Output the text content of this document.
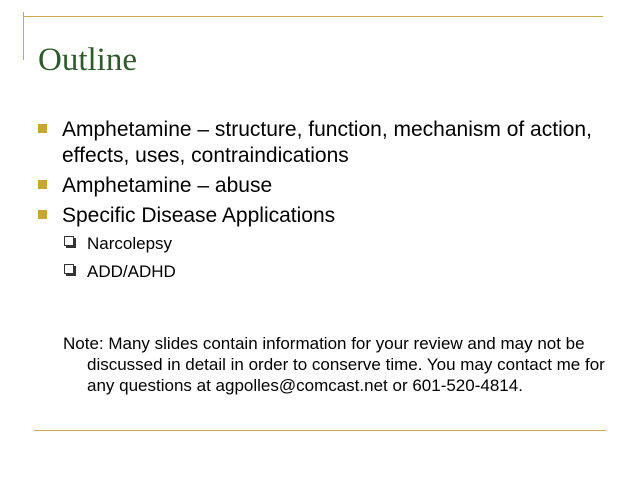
Outline
Amphetamine – structure, function, mechanism of action, effects, uses, contraindications
Amphetamine – abuse
Specific Disease Applications
Narcolepsy
ADD/ADHD
Note: Many slides contain information for your review and may not be discussed in detail in order to conserve time. You may contact me for any questions at agpolles@comcast.net or 601-520-4814.
